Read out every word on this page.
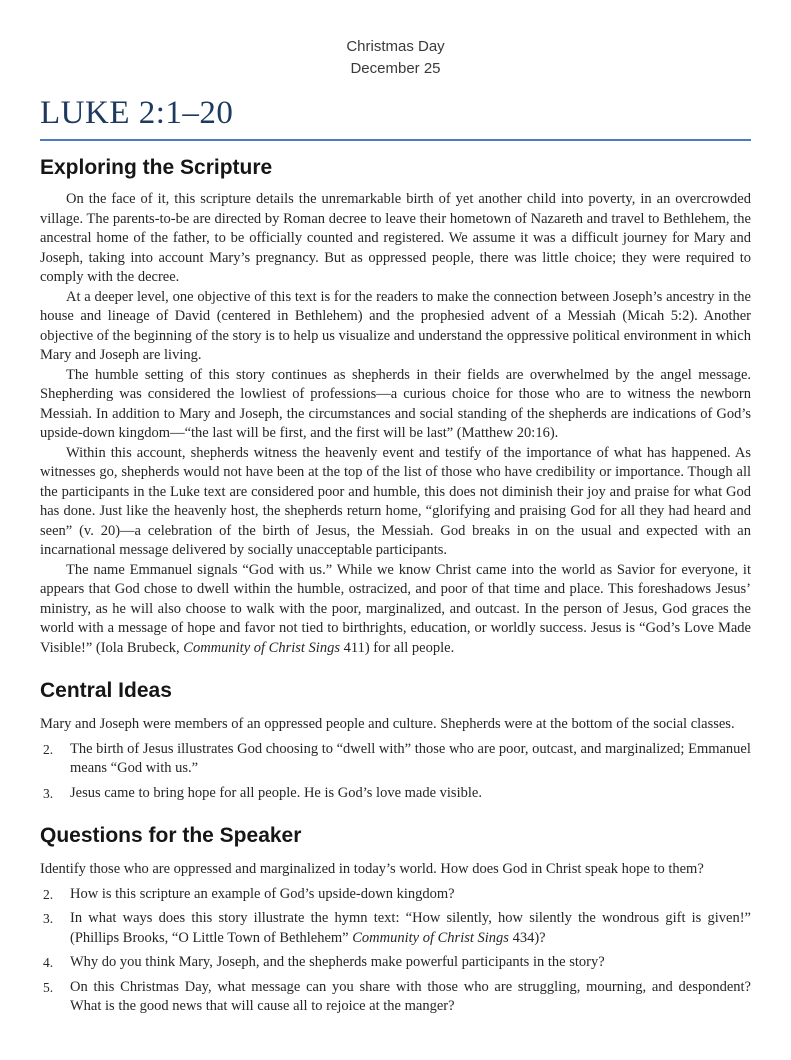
Christmas Day
December 25
LUKE 2:1–20
Exploring the Scripture

On the face of it, this scripture details the unremarkable birth of yet another child into poverty, in an overcrowded village. The parents-to-be are directed by Roman decree to leave their hometown of Nazareth and travel to Bethlehem, the ancestral home of the father, to be officially counted and registered. We assume it was a difficult journey for Mary and Joseph, taking into account Mary’s pregnancy. But as oppressed people, there was little choice; they were required to comply with the decree.

At a deeper level, one objective of this text is for the readers to make the connection between Joseph’s ancestry in the house and lineage of David (centered in Bethlehem) and the prophesied advent of a Messiah (Micah 5:2). Another objective of the beginning of the story is to help us visualize and understand the oppressive political environment in which Mary and Joseph are living.

The humble setting of this story continues as shepherds in their fields are overwhelmed by the angel message. Shepherding was considered the lowliest of professions—a curious choice for those who are to witness the newborn Messiah. In addition to Mary and Joseph, the circumstances and social standing of the shepherds are indications of God’s upside-down kingdom—“the last will be first, and the first will be last” (Matthew 20:16).

Within this account, shepherds witness the heavenly event and testify of the importance of what has happened. As witnesses go, shepherds would not have been at the top of the list of those who have credibility or importance. Though all the participants in the Luke text are considered poor and humble, this does not diminish their joy and praise for what God has done. Just like the heavenly host, the shepherds return home, “glorifying and praising God for all they had heard and seen” (v. 20)—a celebration of the birth of Jesus, the Messiah. God breaks in on the usual and expected with an incarnational message delivered by socially unacceptable participants.

The name Emmanuel signals “God with us.” While we know Christ came into the world as Savior for everyone, it appears that God chose to dwell within the humble, ostracized, and poor of that time and place. This foreshadows Jesus’ ministry, as he will also choose to walk with the poor, marginalized, and outcast. In the person of Jesus, God graces the world with a message of hope and favor not tied to birthrights, education, or worldly success. Jesus is “God’s Love Made Visible!” (Iola Brubeck, Community of Christ Sings 411) for all people.

Central Ideas
Mary and Joseph were members of an oppressed people and culture. Shepherds were at the bottom of the social classes.
2.	The birth of Jesus illustrates God choosing to “dwell with” those who are poor, outcast, and marginalized; Emmanuel means “God with us.”
3.	Jesus came to bring hope for all people. He is God’s love made visible.
Questions for the Speaker
Identify those who are oppressed and marginalized in today’s world. How does God in Christ speak hope to them?
2.	How is this scripture an example of God’s upside-down kingdom?
3.	In what ways does this story illustrate the hymn text: “How silently, how silently the wondrous gift is given!” (Phillips Brooks, “O Little Town of Bethlehem” Community of Christ Sings 434)?
4.	Why do you think Mary, Joseph, and the shepherds make powerful participants in the story?
5.	On this Christmas Day, what message can you share with those who are struggling, mourning, and despondent? What is the good news that will cause all to rejoice at the manger?
